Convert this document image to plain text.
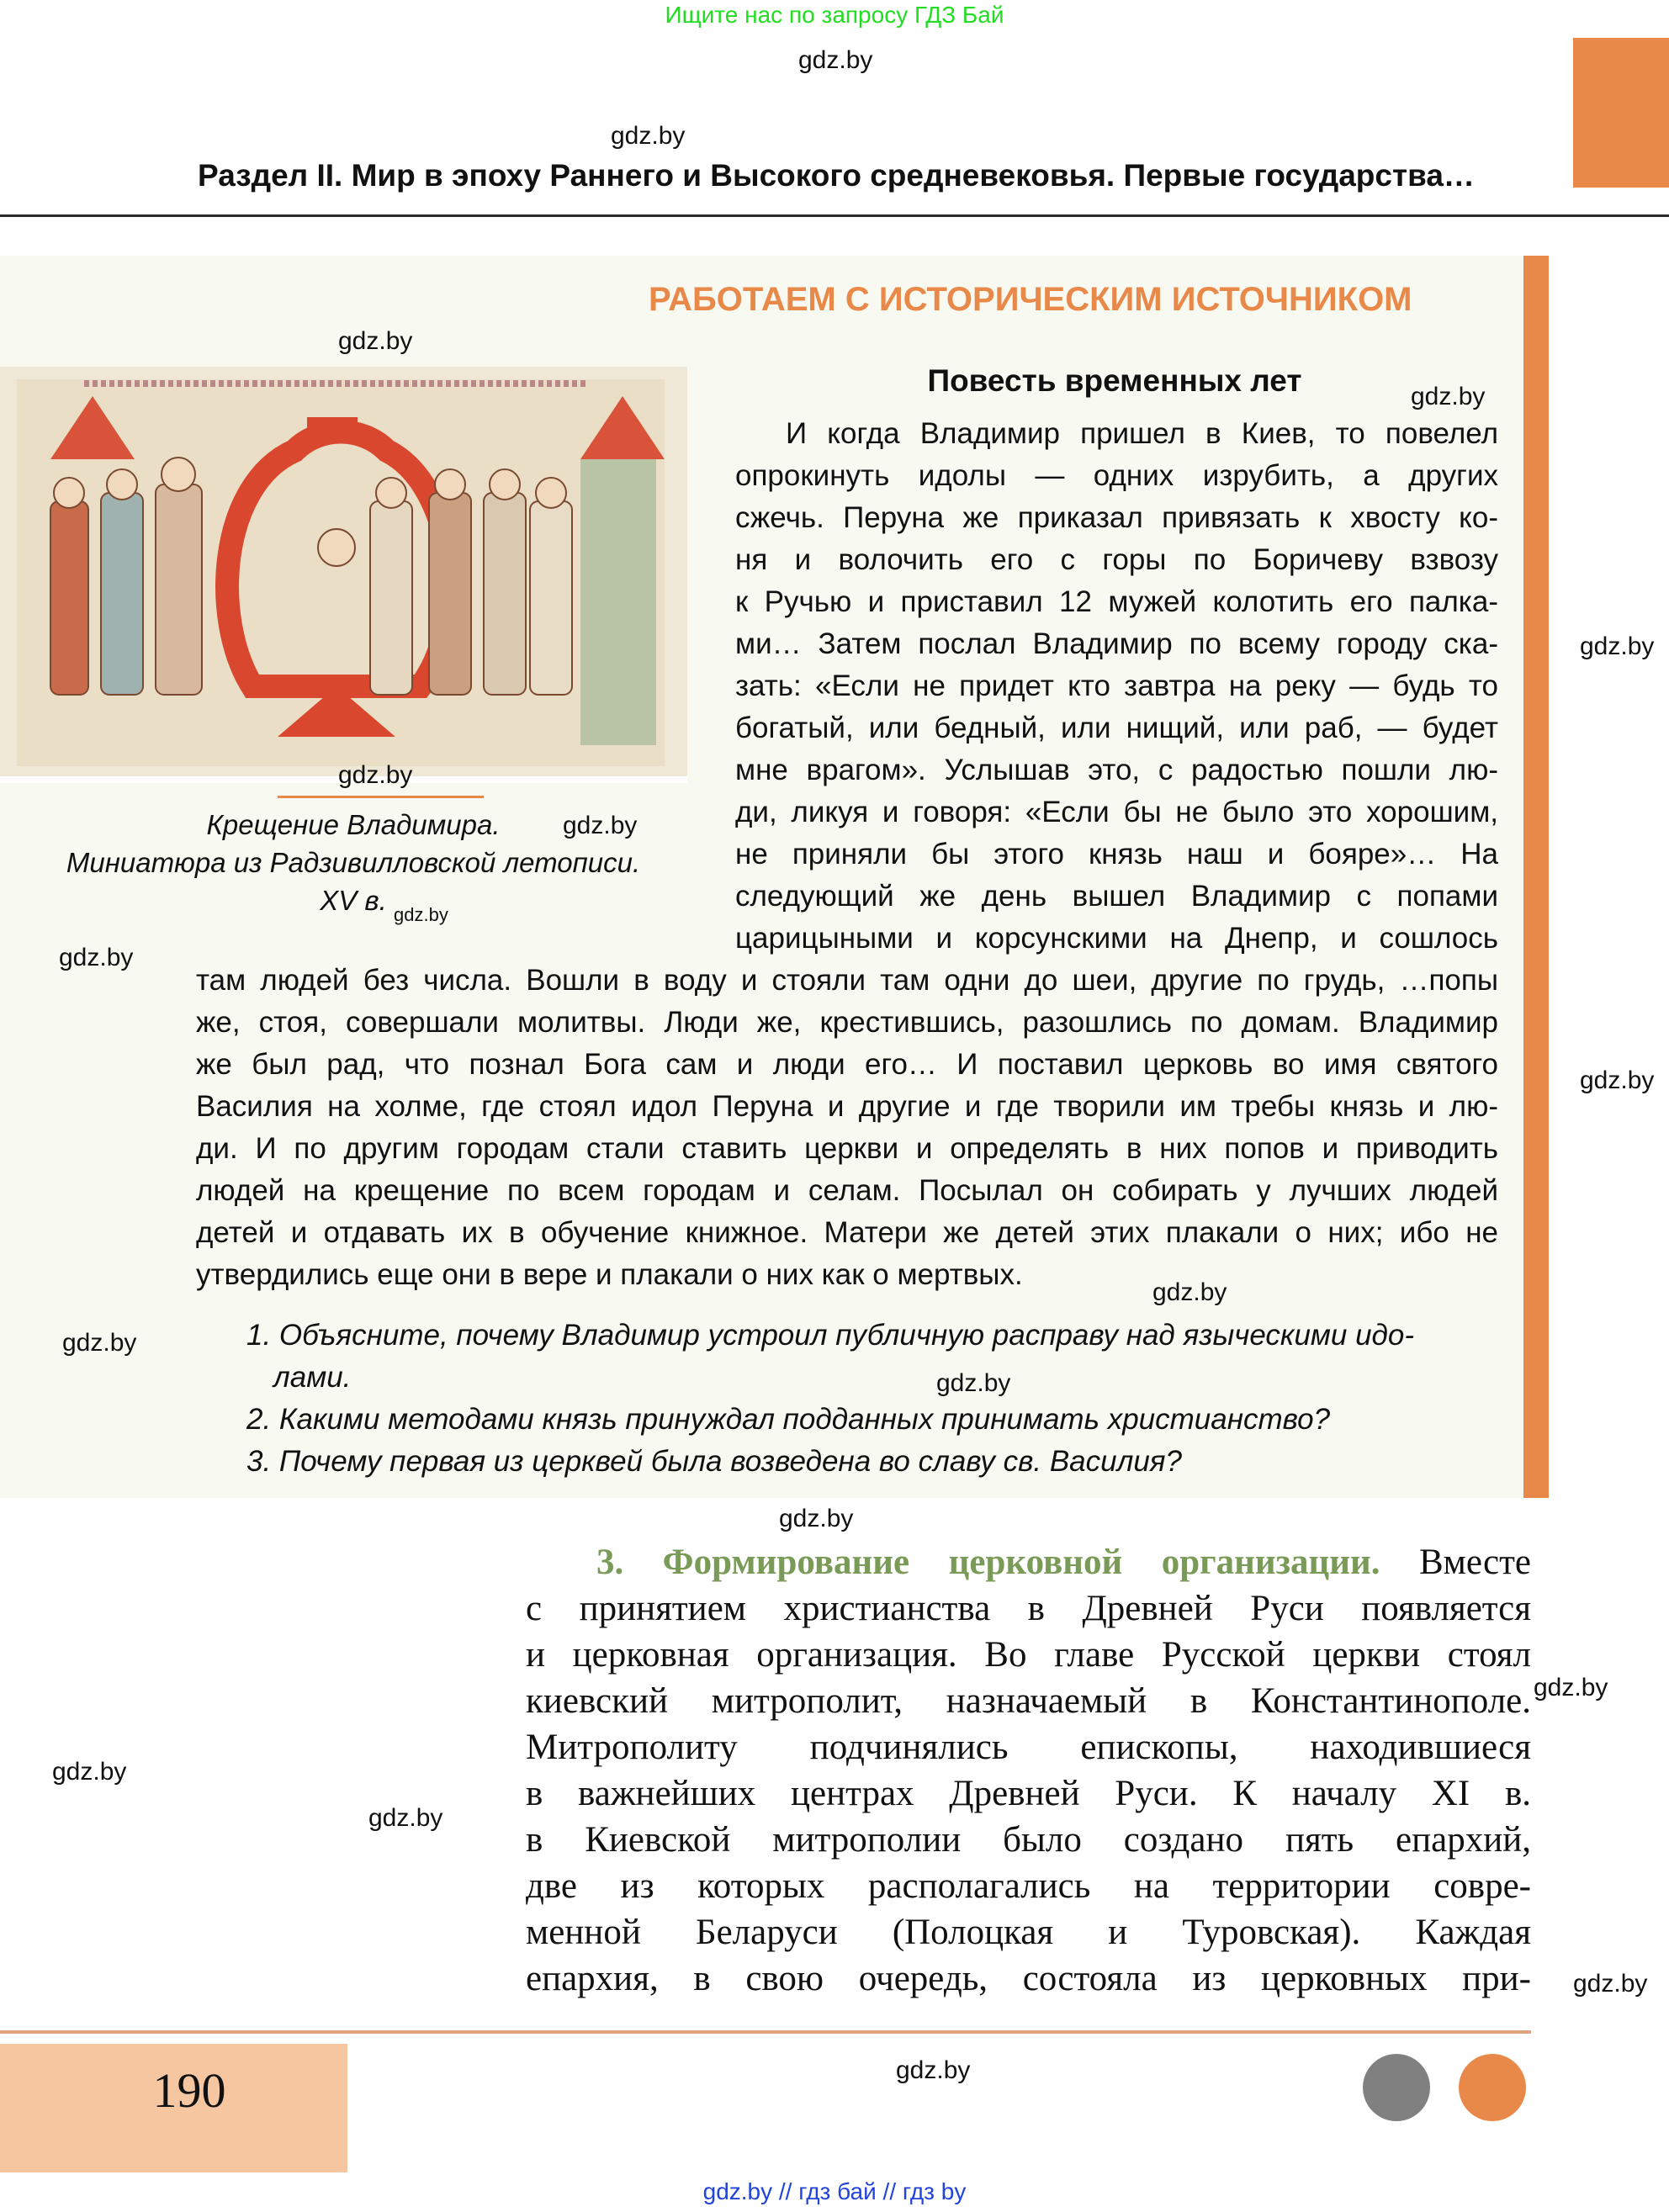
Ищите нас по запросу ГДЗ Бай
Раздел II. Мир в эпоху Раннего и Высокого средневековья. Первые государства…
РАБОТАЕМ С ИСТОРИЧЕСКИМ ИСТОЧНИКОМ
Крещение Владимира.
Миниатюра из Радзивилловской летописи.
XV в.
Повесть временных лет
И когда Владимир пришел в Киев, то повелел
опрокинуть идолы — одних изрубить, а других
сжечь. Перуна же приказал привязать к хвосту ко-
ня и волочить его с горы по Боричеву взвозу
к Ручью и приставил 12 мужей колотить его палка-
ми… Затем послал Владимир по всему городу ска-
зать: «Если не придет кто завтра на реку — будь то
богатый, или бедный, или нищий, или раб, — будет
мне врагом». Услышав это, с радостью пошли лю-
ди, ликуя и говоря: «Если бы не было это хорошим,
не приняли бы этого князь наш и бояре»… На
следующий же день вышел Владимир с попами
царицыными и корсунскими на Днепр, и сошлось
там людей без числа. Вошли в воду и стояли там одни до шеи, другие по грудь, …попы
же, стоя, совершали молитвы. Люди же, крестившись, разошлись по домам. Владимир
же был рад, что познал Бога сам и люди его… И поставил церковь во имя святого
Василия на холме, где стоял идол Перуна и другие и где творили им требы князь и лю-
ди. И по другим городам стали ставить церкви и определять в них попов и приводить
людей на крещение по всем городам и селам. Посылал он собирать у лучших людей
детей и отдавать их в обучение книжное. Матери же детей этих плакали о них; ибо не
утвердились еще они в вере и плакали о них как о мертвых.
1. Объясните, почему Владимир устроил публичную расправу над языческими идо-
лами.
2. Какими методами князь принуждал подданных принимать христианство?
3. Почему первая из церквей была возведена во славу св. Василия?
3. Формирование церковной организации. Вместе
с принятием христианства в Древней Руси появляется
и церковная организация. Во главе Русской церкви стоял
киевский митрополит, назначаемый в Константинополе.
Митрополиту подчинялись епископы, находившиеся
в важнейших центрах Древней Руси. К началу XI в.
в Киевской митрополии было создано пять епархий,
две из которых располагались на территории совре-
менной Беларуси (Полоцкая и Туровская). Каждая
епархия, в свою очередь, состояла из церковных при-
190
gdz.by // гдз бай // гдз by
gdz.by
gdz.by
gdz.by
gdz.by
gdz.by
gdz.by
gdz.by
gdz.by
gdz.by
gdz.by
gdz.by
gdz.by
gdz.by
gdz.by
gdz.by
gdz.by
gdz.by
gdz.by
gdz.by
